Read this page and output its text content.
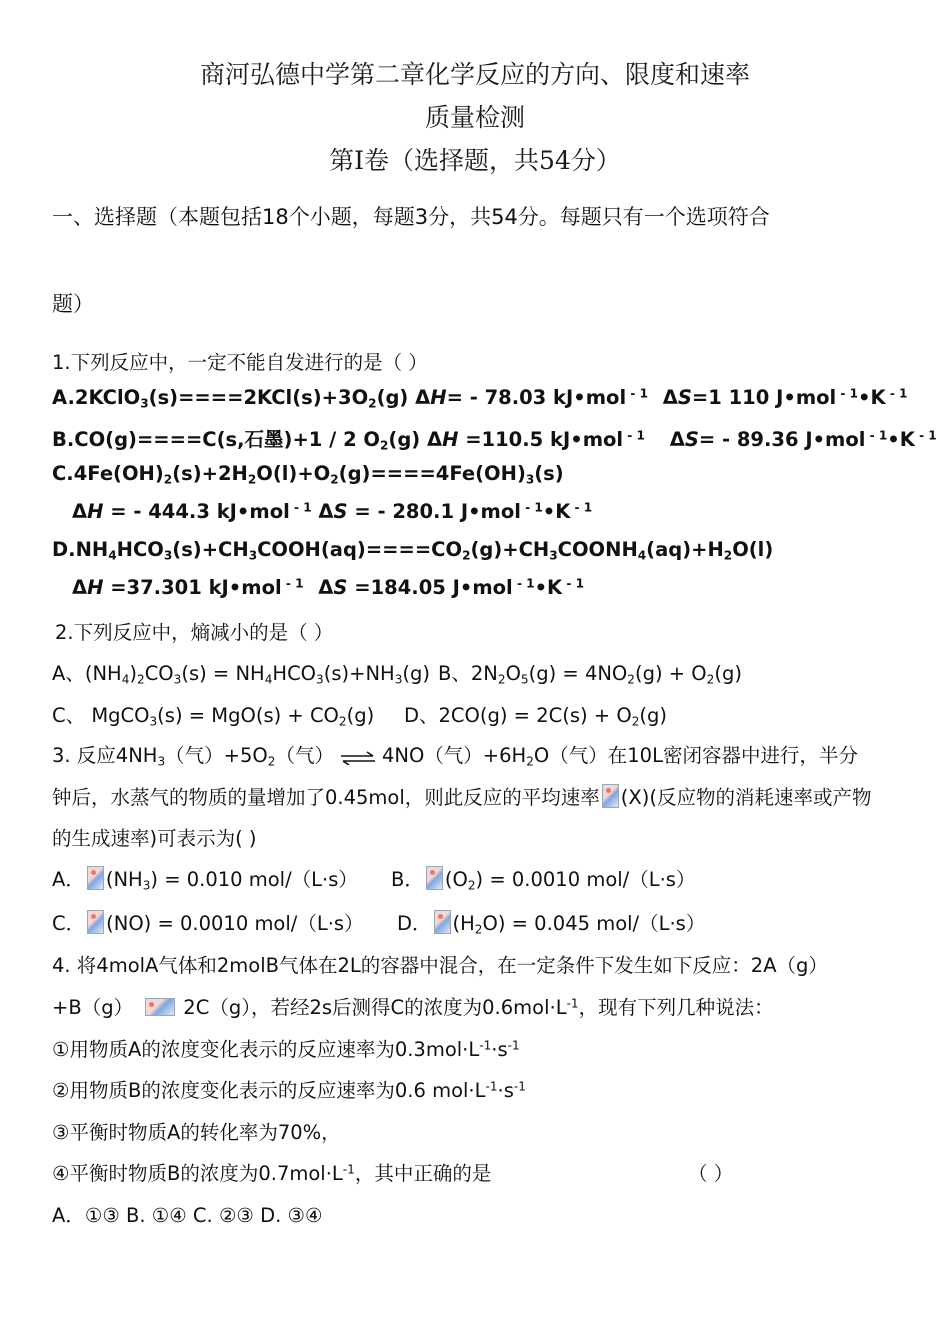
商河弘德中学第二章化学反应的方向、限度和速率
质量检测
第Ⅰ卷（选择题，共54分）
一、选择题（本题包括18个小题，每题3分，共54分。每题只有一个选项符合
题）
1.下列反应中，一定不能自发进行的是（ ）
$A.2KClO_3(s)====2KCl(s)+3O_2(g)$ ΔH= - 78.03 kJ•mol $^{- 1}$ ΔS=1 110 J•mol $^{- 1}$•K $^{- 1}$
B.CO(g)====C(s,石墨)+1 / 2 $O_2(g)$ ΔH =110.5 kJ•mol $^{- 1}$ ΔS= - 89.36 J•mol $^{- 1}$•K $^{- 1}$
$C.4Fe(OH)_2(s)+2H_2O(l)+O_2(g)====4Fe(OH)_3(s)$
ΔH = - 444.3 kJ•mol $^{- 1}$ ΔS = - 280.1 J•mol $^{- 1}$•K $^{- 1}$
$D.NH_4HCO_3(s)+CH_3COOH(aq)====CO_2(g)+CH_3COONH_4(aq)+H_2O(l)$
ΔH =37.301 kJ•mol $^{- 1}$ ΔS =184.05 J•mol $^{- 1}$•K $^{- 1}$
2.下列反应中，熵减小的是（ ）
A、$(NH_4)_2CO_3(s) = NH_4HCO_3(s)+NH_3(g)$ B、$2N_2O_5(g) = 4NO_2(g) + O_2(g)$
C、 MgCO$_3$(s) = $MgO(s) + CO_2(g)$ D、$2CO(g) = 2C(s) + O_2(g)$
3. 反应$4NH_3$（气）$+5O_2$（气） ⇌ 4NO（气）$+6H_2O$（气）在10L密闭容器中进行，半分
钟后，水蒸气的物质的量增加了0.45mol，则此反应的平均速率 (X)(反应物的消耗速率或产物
的生成速率)可表示为( )
A． $(NH_3) = 0.010$ mol/（L·s） B． $(O_2) = 0.0010$ mol/（L·s）
C． (NO) = 0.0010 mol/（L·s） D． $(H_2O) = 0.045$ mol/（L·s）
4. 将4molA气体和2molB气体在2L的容器中混合，在一定条件下发生如下反应：2A（g）
+B（g） 2C（g），若经2s后测得C的浓度为$0.6mol\cdot L^{-1}$，现有下列几种说法：
①用物质A的浓度变化表示的反应速率为$0.3mol\cdot L^{-1}\cdot s^{-1}$
②用物质B的浓度变化表示的反应速率为0.6 $mol\cdot L^{-1}\cdot s^{-1}$
③平衡时物质A的转化率为70%，
④平衡时物质B的浓度为$0.7mol\cdot L^{-1}$，其中正确的是	（ ）
A．①③ B. ①④ C. ②③ D. ③④
